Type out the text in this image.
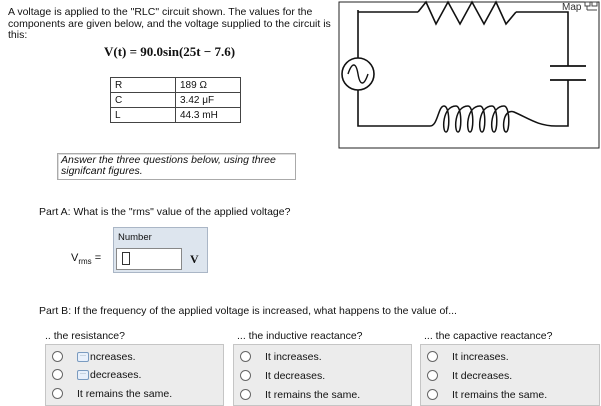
A voltage is applied to the "RLC" circuit shown. The values for the components are given below, and the voltage supplied to the circuit is this:
V(t) = 90.0sin(25t − 7.6)
R	189 Ω
C	3.42 μF
L	44.3 mH
Map
Answer the three questions below, using three signifcant figures.
Part A: What is the "rms" value of the applied voltage?
Number
$V_{rms}$ =	V
Part B: If the frequency of the applied voltage is increased, what happens to the value of...
.. the resistance?	... the inductive reactance?	... the capactive reactance?
··· ncreases.
··· decreases.
It remains the same.
It increases.
It decreases.
It remains the same.
It increases.
It decreases.
It remains the same.
